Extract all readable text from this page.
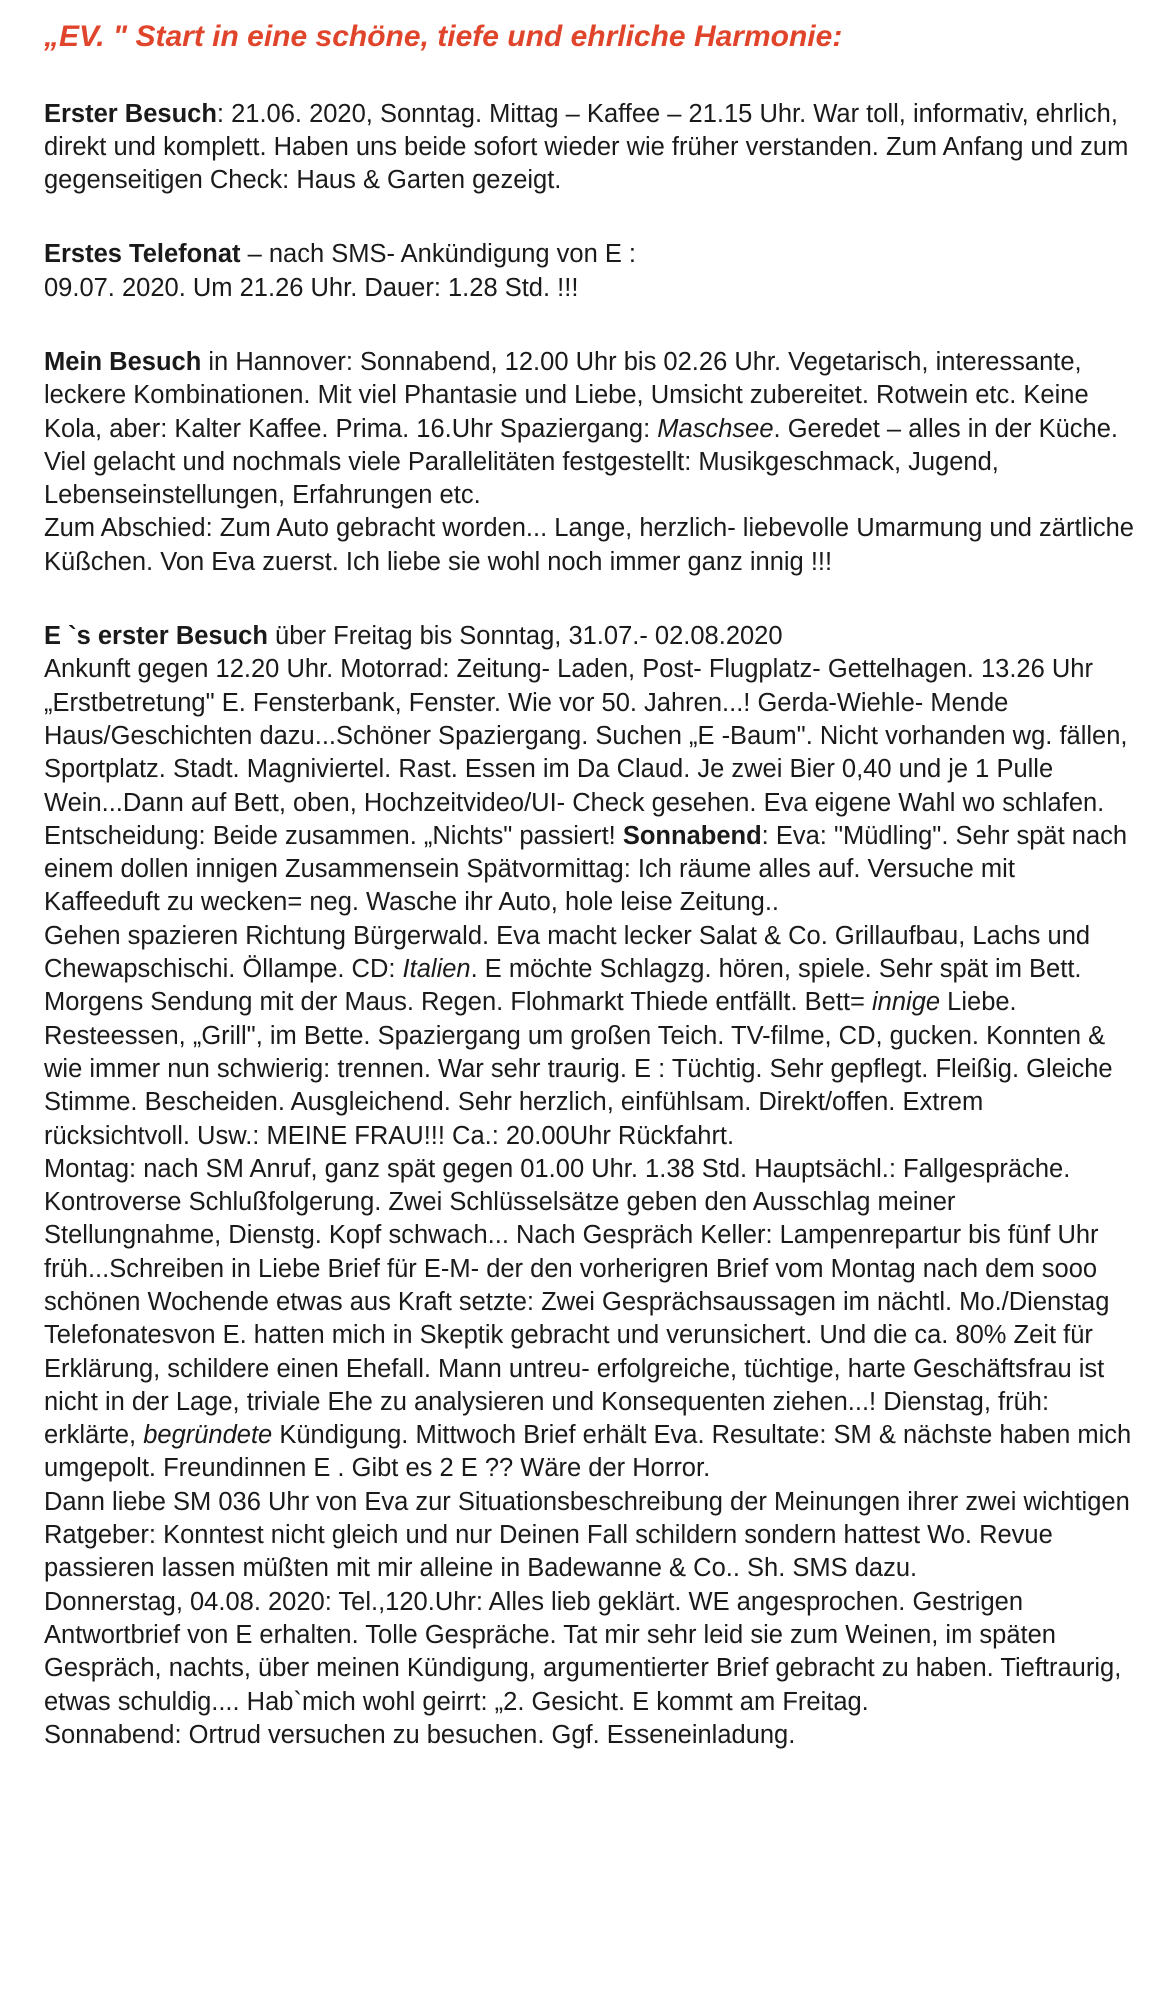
„EV. " Start in eine schöne, tiefe und ehrliche Harmonie:

Erster Besuch: 21.06. 2020, Sonntag. Mittag – Kaffee – 21.15 Uhr. War toll, informativ, ehrlich, direkt und komplett. Haben uns beide sofort wieder wie früher verstanden. Zum Anfang und zum gegenseitigen Check: Haus & Garten gezeigt.

Erstes Telefonat – nach SMS- Ankündigung von E :

09.07. 2020. Um 21.26 Uhr. Dauer: 1.28 Std. !!!

Mein Besuch in Hannover: Sonnabend, 12.00 Uhr bis 02.26 Uhr. Vegetarisch, interessante, leckere Kombinationen. Mit viel Phantasie und Liebe, Umsicht zubereitet. Rotwein etc. Keine Kola, aber: Kalter Kaffee. Prima. 16.Uhr Spaziergang: Maschsee. Geredet – alles in der Küche. Viel gelacht und nochmals viele Parallelitäten festgestellt: Musikgeschmack, Jugend, Lebenseinstellungen, Erfahrungen etc.

Zum Abschied: Zum Auto gebracht worden... Lange, herzlich- liebevolle Umarmung und zärtliche Küßchen. Von Eva zuerst. Ich liebe sie wohl noch immer ganz innig !!!

E `s erster Besuch über Freitag bis Sonntag, 31.07.- 02.08.2020

Ankunft gegen 12.20 Uhr. Motorrad: Zeitung- Laden, Post- Flugplatz- Gettelhagen. 13.26 Uhr „Erstbetretung" E. Fensterbank, Fenster. Wie vor 50. Jahren...! Gerda-Wiehle- Mende Haus/Geschichten dazu...Schöner Spaziergang. Suchen „E -Baum". Nicht vorhanden wg. fällen, Sportplatz. Stadt. Magniviertel. Rast. Essen im Da Claud. Je zwei Bier 0,40 und je 1 Pulle Wein...Dann auf Bett, oben, Hochzeitvideo/UI- Check gesehen. Eva eigene Wahl wo schlafen. Entscheidung: Beide zusammen. „Nichts" passiert! Sonnabend: Eva: "Müdling". Sehr spät nach einem dollen innigen Zusammensein Spätvormittag: Ich räume alles auf. Versuche mit Kaffeeduft zu wecken= neg. Wasche ihr Auto, hole leise Zeitung..

Gehen spazieren Richtung Bürgerwald. Eva macht lecker Salat & Co. Grillaufbau, Lachs und Chewapschischi. Öllampe. CD: Italien. E möchte Schlagzg. hören, spiele. Sehr spät im Bett. Morgens Sendung mit der Maus. Regen. Flohmarkt Thiede entfällt. Bett= innige Liebe. Resteessen, „Grill", im Bette. Spaziergang um großen Teich. TV-filme, CD, gucken. Konnten & wie immer nun schwierig: trennen. War sehr traurig. E : Tüchtig. Sehr gepflegt. Fleißig. Gleiche Stimme. Bescheiden. Ausgleichend. Sehr herzlich, einfühlsam. Direkt/offen. Extrem rücksichtvoll. Usw.: MEINE FRAU!!! Ca.: 20.00Uhr Rückfahrt.

Montag: nach SM Anruf, ganz spät gegen 01.00 Uhr. 1.38 Std. Hauptsächl.: Fallgespräche. Kontroverse Schlußfolgerung. Zwei Schlüsselsätze geben den Ausschlag meiner Stellungnahme, Dienstg. Kopf schwach... Nach Gespräch Keller: Lampenrepartur bis fünf Uhr früh...Schreiben in Liebe Brief für E-M- der den vorherigren Brief vom Montag nach dem sooo schönen Wochende etwas aus Kraft setzte: Zwei Gesprächsaussagen im nächtl. Mo./Dienstag Telefonatesvon E. hatten mich in Skeptik gebracht und verunsichert. Und die ca. 80% Zeit für Erklärung, schildere einen Ehefall. Mann untreu- erfolgreiche, tüchtige, harte Geschäftsfrau ist nicht in der Lage, triviale Ehe zu analysieren und Konsequenten ziehen...! Dienstag, früh: erklärte, begründete Kündigung. Mittwoch Brief erhält Eva. Resultate: SM & nächste haben mich umgepolt. Freundinnen E . Gibt es 2 E ?? Wäre der Horror.

Dann liebe SM 036 Uhr von Eva zur Situationsbeschreibung der Meinungen ihrer zwei wichtigen Ratgeber: Konntest nicht gleich und nur Deinen Fall schildern sondern hattest Wo. Revue passieren lassen müßten mit mir alleine in Badewanne & Co.. Sh. SMS dazu.

Donnerstag, 04.08. 2020: Tel.,120.Uhr: Alles lieb geklärt. WE angesprochen. Gestrigen Antwortbrief von E erhalten. Tolle Gespräche. Tat mir sehr leid sie zum Weinen, im späten Gespräch, nachts, über meinen Kündigung, argumentierter Brief gebracht zu haben. Tieftraurig, etwas schuldig.... Hab`mich wohl geirrt: „2. Gesicht. E kommt am Freitag.

Sonnabend: Ortrud versuchen zu besuchen. Ggf. Esseneinladung.
